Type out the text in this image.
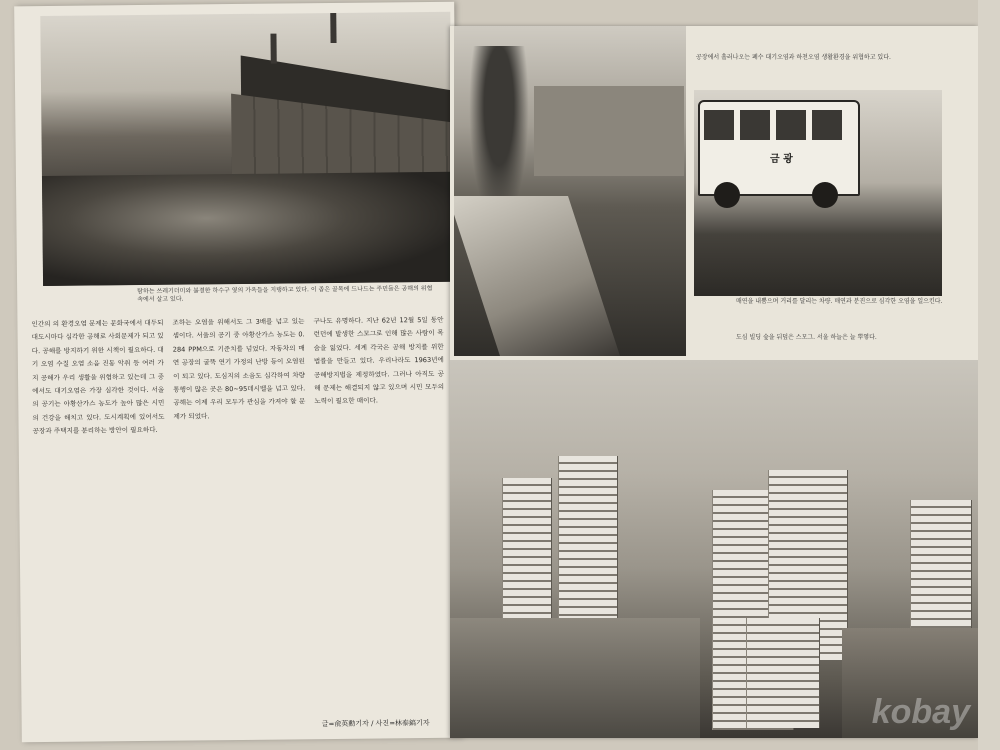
탐하는 쓰레기더미와 불결한 하수구 옆의 가옥들을 지탱하고 있다. 이 좁은 골목에 드나드는 주민들은 공해의 위협 속에서 살고 있다.
인간의 의 환경오염 문제는 문화국에서 대두되 대도시마다 심각한 공해로 사회문제가 되고 있다. 공해를 방지하기 위한 시책이 필요하다. 대기 오염 수질 오염 소음 진동 악취 등 여러 가지 공해가 우리 생활을 위협하고 있는데 그 중에서도 대기오염은 가장 심각한 것이다. 서울의 공기는 아황산가스 농도가 높아 많은 시민의 건강을 해치고 있다. 도시계획에 있어서도 공장과 주택지를 분리하는 방안이 필요하다.
조하는 오염을 위해서도 그 3배를 넘고 있는 셈이다. 서울의 공기 중 아황산가스 농도는 0.284 PPM으로 기준치를 넘었다. 자동차의 매연 공장의 굴뚝 연기 가정의 난방 등이 오염원이 되고 있다. 도심지의 소음도 심각하여 차량 통행이 많은 곳은 80~95데시벨을 넘고 있다. 공해는 이제 우리 모두가 관심을 가져야 할 문제가 되었다.
구나도 유명하다. 지난 62년 12월 5일 동안 런던에 발생한 스모그로 인해 많은 사람이 목숨을 잃었다. 세계 각국은 공해 방지를 위한 법률을 만들고 있다. 우리나라도 1963년에 공해방지법을 제정하였다. 그러나 아직도 공해 문제는 해결되지 않고 있으며 시민 모두의 노력이 필요한 때이다.
글=兪英勳기자 / 사진=林泰鎬기자
공장에서 흘러나오는 폐수 대기오염과 하천오염 생활환경을 위협하고 있다.
금 광
매연을 내뿜으며 거리를 달리는 차량. 매연과 분진으로 심각한 오염을 일으킨다.
도심 빌딩 숲을 뒤덮은 스모그. 서울 하늘은 늘 뿌옇다.
kobay
